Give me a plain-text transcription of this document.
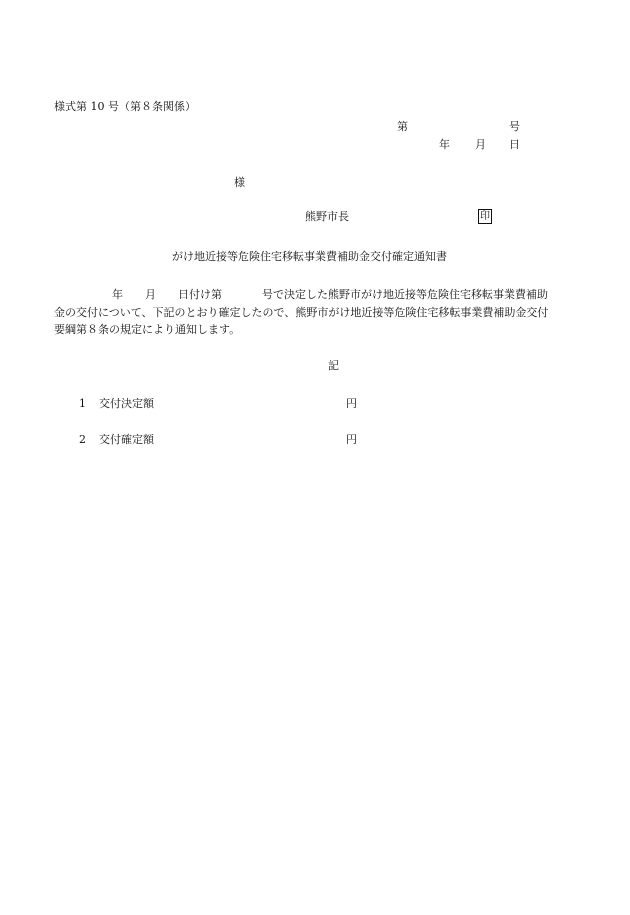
様式第 10 号（第８条関係）
第	号
年 月 日
様
熊野市長	印
がけ地近接等危険住宅移転事業費補助金交付確定通知書
年 月 日付け第	号で決定した熊野市がけ地近接等危険住宅移転事業費補助
金の交付について、下記のとおり確定したので、熊野市がけ地近接等危険住宅移転事業費補助金交付
要綱第８条の規定により通知します。
記
1 交付決定額	円
2 交付確定額	円
